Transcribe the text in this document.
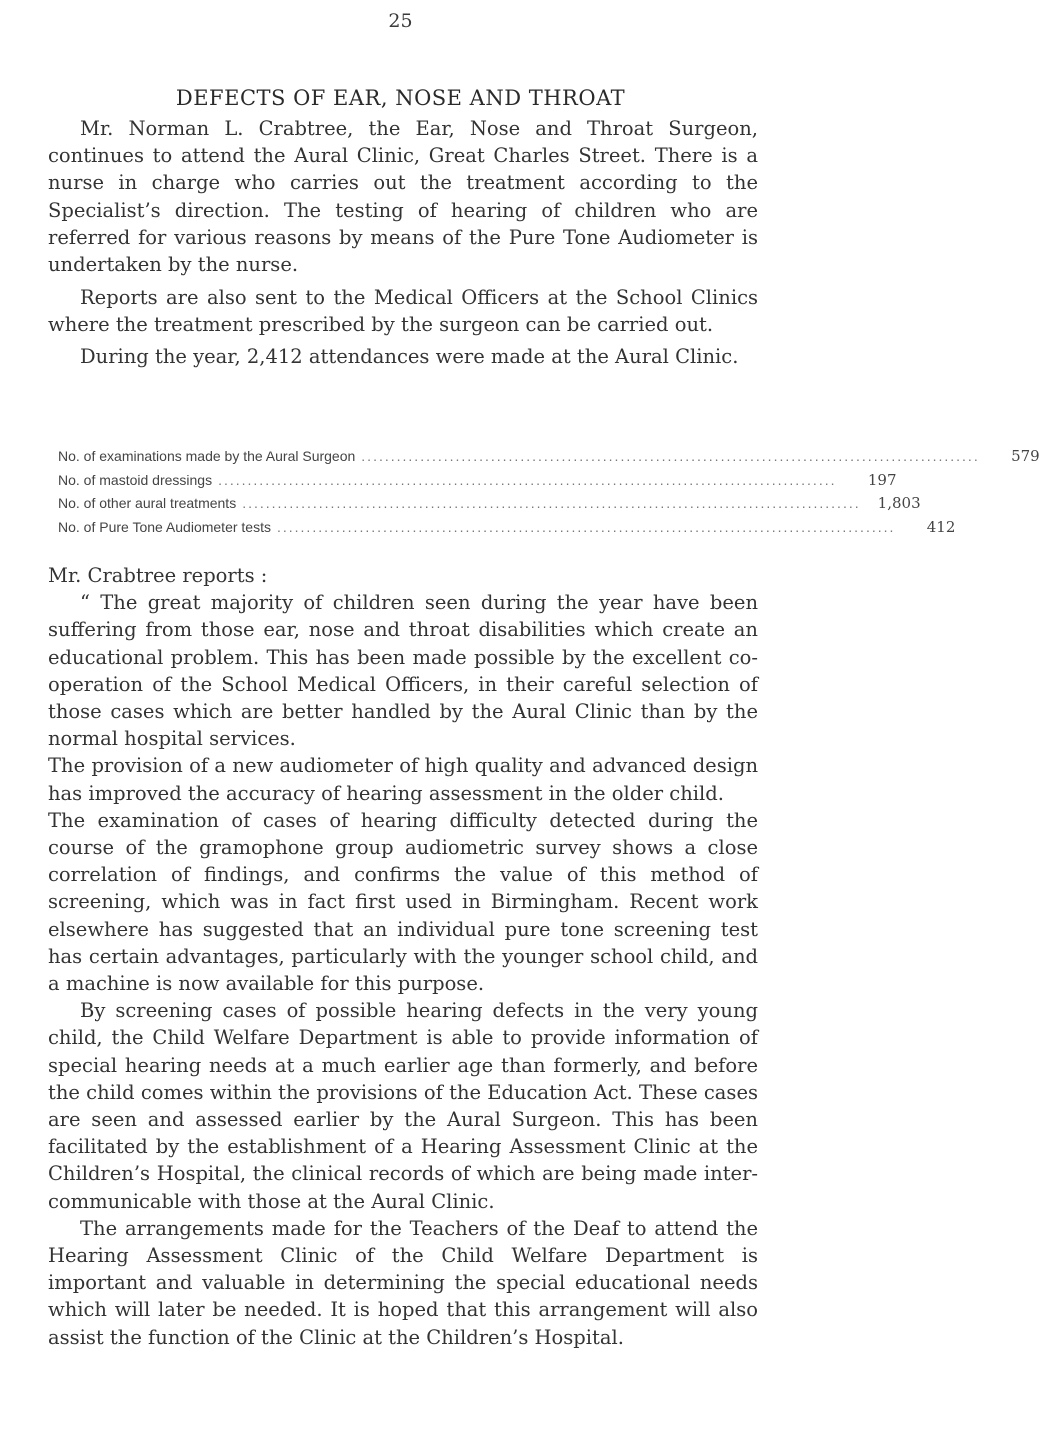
25
DEFECTS OF EAR, NOSE AND THROAT

Mr. Norman L. Crabtree, the Ear, Nose and Throat Surgeon, continues to attend the Aural Clinic, Great Charles Street. There is a nurse in charge who carries out the treatment according to the Specialist’s direction. The testing of hearing of children who are referred for various reasons by means of the Pure Tone Audiometer is undertaken by the nurse.

Reports are also sent to the Medical Officers at the School Clinics where the treatment prescribed by the surgeon can be carried out.

During the year, 2,412 attendances were made at the Aural Clinic.

No. of examinations made by the Aural Surgeon .........................................................................................................	579
No. of mastoid dressings .........................................................................................................	197
No. of other aural treatments .........................................................................................................	1,803
No. of Pure Tone Audiometer tests .........................................................................................................	412

Mr. Crabtree reports :

“ The great majority of children seen during the year have been suffering from those ear, nose and throat disabilities which create an educational problem. This has been made possible by the excellent co-operation of the School Medical Officers, in their careful selection of those cases which are better handled by the Aural Clinic than by the normal hospital services.

The provision of a new audiometer of high quality and advanced design has improved the accuracy of hearing assessment in the older child.

The examination of cases of hearing difficulty detected during the course of the gramophone group audiometric survey shows a close correlation of findings, and confirms the value of this method of screening, which was in fact first used in Birmingham. Recent work elsewhere has suggested that an individual pure tone screening test has certain advantages, particularly with the younger school child, and a machine is now available for this purpose.

By screening cases of possible hearing defects in the very young child, the Child Welfare Department is able to provide information of special hearing needs at a much earlier age than formerly, and before the child comes within the provisions of the Education Act. These cases are seen and assessed earlier by the Aural Surgeon. This has been facilitated by the establishment of a Hearing Assessment Clinic at the Children’s Hospital, the clinical records of which are being made inter-communicable with those at the Aural Clinic.

The arrangements made for the Teachers of the Deaf to attend the Hearing Assessment Clinic of the Child Welfare Department is important and valuable in determining the special educational needs which will later be needed. It is hoped that this arrangement will also assist the function of the Clinic at the Children’s Hospital.
